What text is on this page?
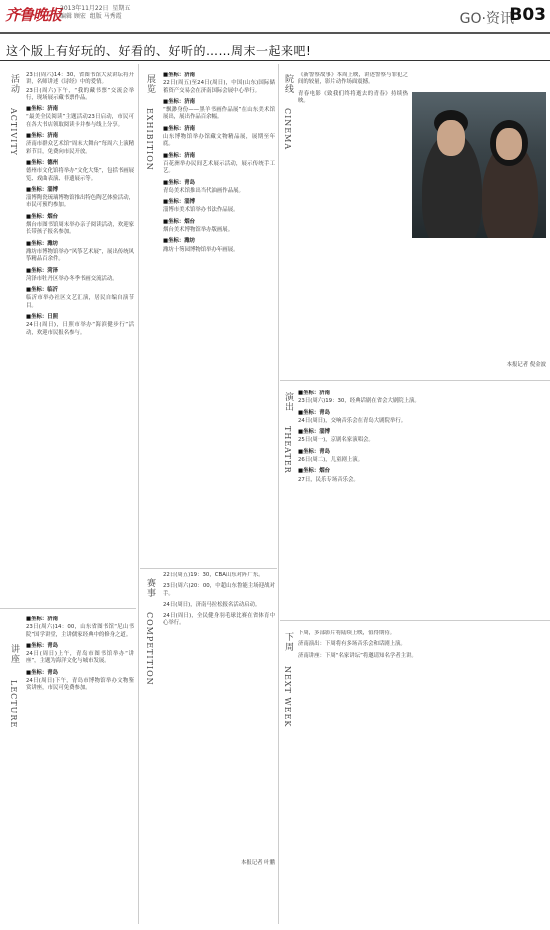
齐鲁晚报
2013年11月22日  星期五
编辑 顾宏  组版 马秀霞	GO·资讯
B03
这个版上有好玩的、好看的、好听的……周末一起来吧!
活动
ACTIVITY

23日(周六)14：30，省图书馆大众讲坛将开讲，名师讲述《诗经》中的爱情。

23日(周六)下午，“我的藏书票”交流会举行，现场展示藏书票作品。

■坐标：济南

“最美全民阅读”主题活动23日启动，市民可在各大书店领取阅读卡并参与线上分享。

■坐标：济南

济南市群众艺术馆“周末大舞台”每周六上演精彩节目，免费向市民开放。

■坐标：德州

德州市文化馆将举办“文化大集”，包括书画展览、戏曲表演、非遗展示等。

■坐标：淄博

淄博陶瓷琉璃博物馆推出特色陶艺体验活动，市民可预约参加。

■坐标：烟台

烟台市图书馆周末举办亲子阅读活动，欢迎家长带孩子报名参加。

■坐标：潍坊

潍坊市博物馆举办“风筝艺术展”，展出传统风筝精品百余件。

■坐标：菏泽

菏泽市牡丹区举办冬季书画交流活动。

■坐标：临沂

临沂市举办社区文艺汇演，居民自编自演节目。

■坐标：日照

24日(周日)，日照市举办“海滨健步行”活动，欢迎市民报名参与。

讲座
LECTURE
■坐标：济南

23日(周六)14：00，山东省图书馆“尼山书院”国学讲堂，主讲儒家经典中的修身之道。

■坐标：青岛

24日(周日)上午，青岛市图书馆举办“讲座”，主题为海洋文化与城市发展。

■坐标：青岛

24日(周日)下午，青岛市博物馆举办文物鉴赏讲座，市民可免费参加。

展览
EXHIBITION
■坐标：济南

22日(周五)至24日(周日)，中国(山东)国际储蓄资产交易会在济南国际会展中心举行。

■坐标：济南

“飘渺身份——黑羊书画作品展”在山东美术馆展出，展出作品百余幅。

■坐标：济南

山东博物馆举办馆藏文物精品展，展期至年底。

■坐标：济南

百花洲举办民间艺术展示活动，展示传统手工艺。

■坐标：青岛

青岛美术馆推出当代油画作品展。

■坐标：淄博

淄博市美术馆举办书法作品展。

■坐标：烟台

烟台美术博物馆举办版画展。

■坐标：潍坊

潍坊十笏园博物馆举办年画展。

赛事
COMPETITION

22日(周五)19：30，CBA山东对阵广东。

23日(周六)20：00，中超山东鲁能主场迎战对手。

24日(周日)，济南马拉松报名活动启动。

24日(周日)，全民健身羽毛球比赛在省体育中心举行。

本报记者 叶鹏
院线
CINEMA

《新警察故事》本周上映，讲述警察与罪犯之间的较量，影片动作场面震撼。

青春电影《致我们终将逝去的青春》持续热映。

本报记者 倪金波
演出
THEATER
■坐标：济南

23日(周六)19：30，经典话剧在省会大剧院上演。

■坐标：青岛

24日(周日)，交响音乐会在青岛大剧院举行。

■坐标：淄博

25日(周一)，京剧名家演唱会。

■坐标：青岛

26日(周二)，儿童剧上演。

■坐标：烟台

27日，民乐专场音乐会。

下周
NEXT WEEK

下周，多部影片将陆续上映，值得期待。

济南演出：下周将有多场音乐会和话剧上演。

济南讲座：下周“名家讲坛”将邀请知名学者主讲。
